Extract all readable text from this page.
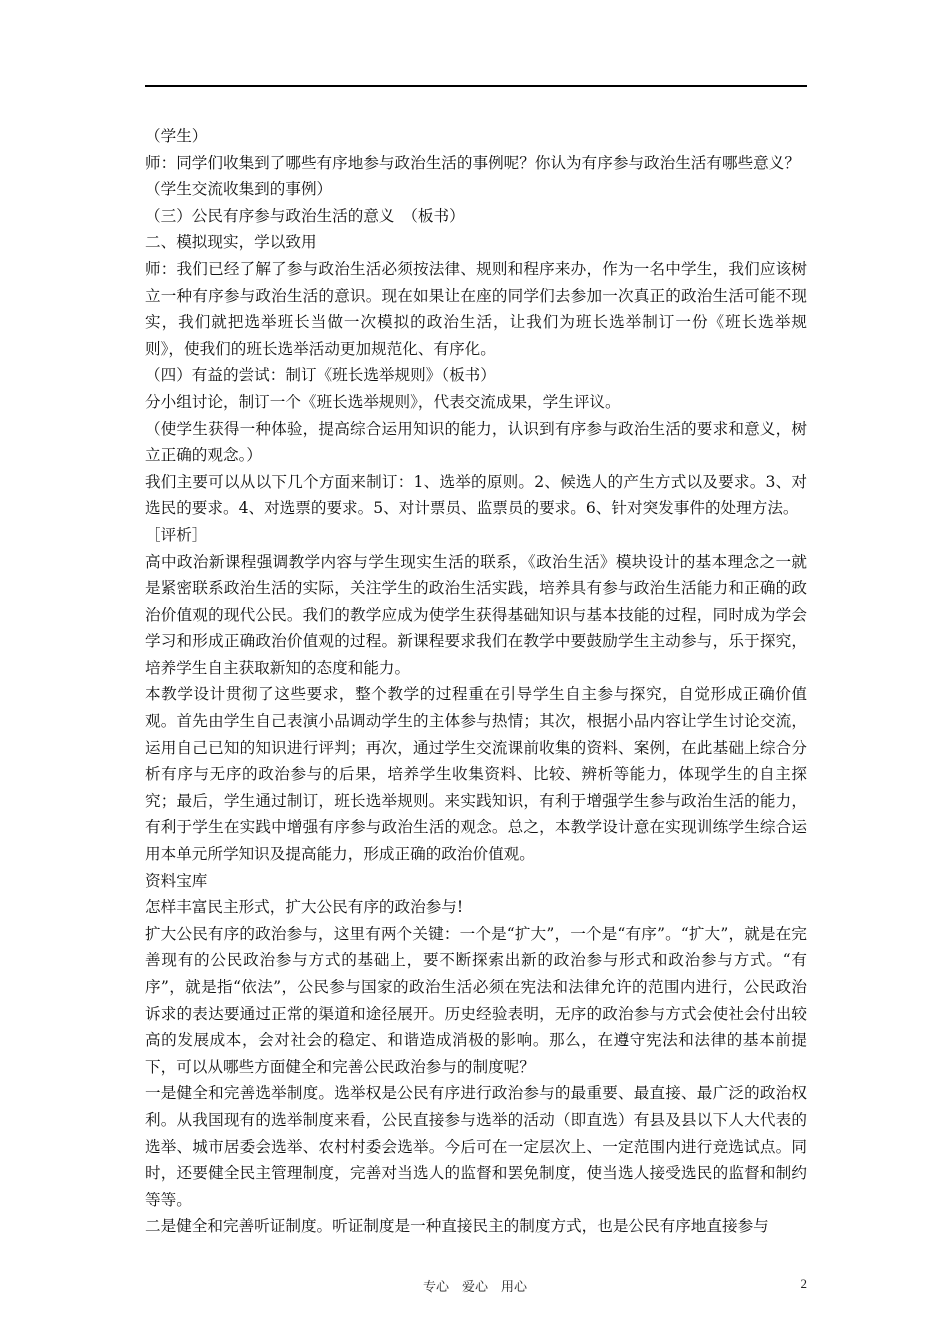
（学生）

师：同学们收集到了哪些有序地参与政治生活的事例呢？你认为有序参与政治生活有哪些意义？

（学生交流收集到的事例）

（三）公民有序参与政治生活的意义　（板书）

二、模拟现实，学以致用

师：我们已经了解了参与政治生活必须按法律、规则和程序来办，作为一名中学生，我们应该树立一种有序参与政治生活的意识。现在如果让在座的同学们去参加一次真正的政治生活可能不现实，我们就把选举班长当做一次模拟的政治生活，让我们为班长选举制订一份《班长选举规则》，使我们的班长选举活动更加规范化、有序化。

（四）有益的尝试：制订《班长选举规则》（板书）

分小组讨论，制订一个《班长选举规则》，代表交流成果，学生评议。

（使学生获得一种体验，提高综合运用知识的能力，认识到有序参与政治生活的要求和意义，树立正确的观念。）

我们主要可以从以下几个方面来制订：1、选举的原则。2、候选人的产生方式以及要求。3、对选民的要求。4、对选票的要求。5、对计票员、监票员的要求。6、针对突发事件的处理方法。

［评析］

高中政治新课程强调教学内容与学生现实生活的联系，《政治生活》模块设计的基本理念之一就是紧密联系政治生活的实际，关注学生的政治生活实践，培养具有参与政治生活能力和正确的政治价值观的现代公民。我们的教学应成为使学生获得基础知识与基本技能的过程，同时成为学会学习和形成正确政治价值观的过程。新课程要求我们在教学中要鼓励学生主动参与，乐于探究，培养学生自主获取新知的态度和能力。

本教学设计贯彻了这些要求，整个教学的过程重在引导学生自主参与探究，自觉形成正确价值观。首先由学生自己表演小品调动学生的主体参与热情；其次，根据小品内容让学生讨论交流，运用自己已知的知识进行评判；再次，通过学生交流课前收集的资料、案例，在此基础上综合分析有序与无序的政治参与的后果，培养学生收集资料、比较、辨析等能力，体现学生的自主探究；最后，学生通过制订，班长选举规则。来实践知识，有利于增强学生参与政治生活的能力，有利于学生在实践中增强有序参与政治生活的观念。总之，本教学设计意在实现训练学生综合运用本单元所学知识及提高能力，形成正确的政治价值观。

资料宝库

怎样丰富民主形式，扩大公民有序的政治参与!

扩大公民有序的政治参与，这里有两个关键：一个是“扩大”，一个是“有序”。“扩大”，就是在完善现有的公民政治参与方式的基础上，要不断探索出新的政治参与形式和政治参与方式。“有序”，就是指“依法”，公民参与国家的政治生活必须在宪法和法律允许的范围内进行，公民政治诉求的表达要通过正常的渠道和途径展开。历史经验表明，无序的政治参与方式会使社会付出较高的发展成本，会对社会的稳定、和谐造成消极的影响。那么，在遵守宪法和法律的基本前提下，可以从哪些方面健全和完善公民政治参与的制度呢？

一是健全和完善选举制度。选举权是公民有序进行政治参与的最重要、最直接、最广泛的政治权利。从我国现有的选举制度来看，公民直接参与选举的活动（即直选）有县及县以下人大代表的选举、城市居委会选举、农村村委会选举。今后可在一定层次上、一定范围内进行竞选试点。同时，还要健全民主管理制度，完善对当选人的监督和罢免制度，使当选人接受选民的监督和制约等等。

二是健全和完善听证制度。听证制度是一种直接民主的制度方式，也是公民有序地直接参与

专心　爱心　用心	2
